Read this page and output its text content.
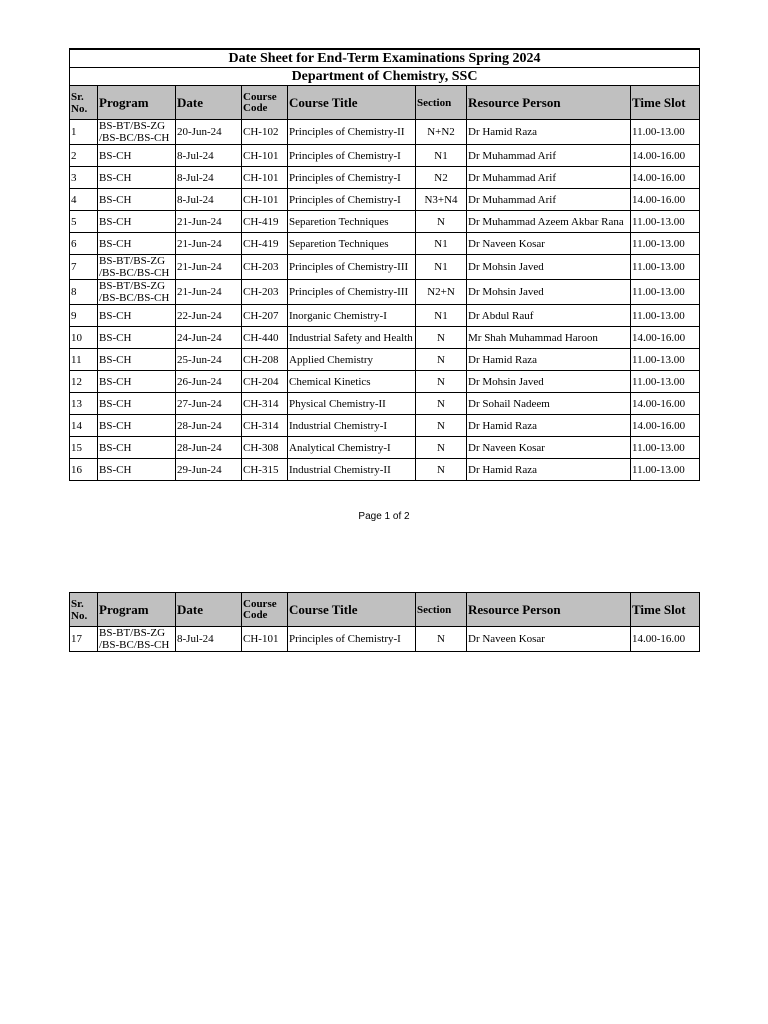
Date Sheet for End-Term Examinations Spring 2024							
Department of Chemistry, SSC							
Sr. No.	Program	Date	Course Code	Course Title	Section	Resource Person	Time Slot
1	BS-BT/BS-ZG /BS-BC/BS-CH	20-Jun-24	CH-102	Principles of Chemistry-II	N+N2	Dr Hamid Raza	11.00-13.00
2	BS-CH	8-Jul-24	CH-101	Principles of Chemistry-I	N1	Dr Muhammad Arif	14.00-16.00
3	BS-CH	8-Jul-24	CH-101	Principles of Chemistry-I	N2	Dr Muhammad Arif	14.00-16.00
4	BS-CH	8-Jul-24	CH-101	Principles of Chemistry-I	N3+N4	Dr Muhammad Arif	14.00-16.00
5	BS-CH	21-Jun-24	CH-419	Separetion Techniques	N	Dr Muhammad Azeem Akbar Rana	11.00-13.00
6	BS-CH	21-Jun-24	CH-419	Separetion Techniques	N1	Dr Naveen Kosar	11.00-13.00
7	BS-BT/BS-ZG /BS-BC/BS-CH	21-Jun-24	CH-203	Principles of Chemistry-III	N1	Dr Mohsin Javed	11.00-13.00
8	BS-BT/BS-ZG /BS-BC/BS-CH	21-Jun-24	CH-203	Principles of Chemistry-III	N2+N	Dr Mohsin Javed	11.00-13.00
9	BS-CH	22-Jun-24	CH-207	Inorganic Chemistry-I	N1	Dr Abdul Rauf	11.00-13.00
10	BS-CH	24-Jun-24	CH-440	Industrial Safety and Health	N	Mr Shah Muhammad Haroon	14.00-16.00
11	BS-CH	25-Jun-24	CH-208	Applied Chemistry	N	Dr Hamid Raza	11.00-13.00
12	BS-CH	26-Jun-24	CH-204	Chemical Kinetics	N	Dr Mohsin Javed	11.00-13.00
13	BS-CH	27-Jun-24	CH-314	Physical Chemistry-II	N	Dr Sohail Nadeem	14.00-16.00
14	BS-CH	28-Jun-24	CH-314	Industrial Chemistry-I	N	Dr Hamid Raza	14.00-16.00
15	BS-CH	28-Jun-24	CH-308	Analytical Chemistry-I	N	Dr Naveen Kosar	11.00-13.00
16	BS-CH	29-Jun-24	CH-315	Industrial Chemistry-II	N	Dr Hamid Raza	11.00-13.00
Page 1 of 2
Sr. No.	Program	Date	Course Code	Course Title	Section	Resource Person	Time Slot
17	BS-BT/BS-ZG /BS-BC/BS-CH	8-Jul-24	CH-101	Principles of Chemistry-I	N	Dr Naveen Kosar	14.00-16.00
